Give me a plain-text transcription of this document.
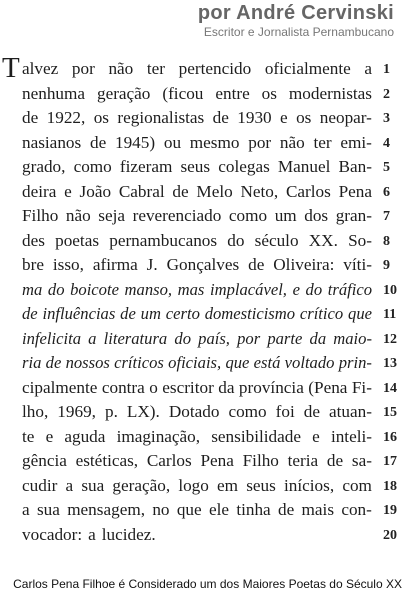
por André Cervinski
Escritor e Jornalista Pernambucano
T alvez por não ter pertencido oficialmente a 1
nenhuma geração (ficou entre os modernistas 2
de 1922, os regionalistas de 1930 e os neopar- 3
nasianos de 1945) ou mesmo por não ter emi- 4
grado, como fizeram seus colegas Manuel Ban- 5
deira e João Cabral de Melo Neto, Carlos Pena 6
Filho não seja reverenciado como um dos gran- 7
des poetas pernambucanos do século XX. So- 8
bre isso, afirma J. Gonçalves de Oliveira: víti- 9
ma do boicote manso, mas implacável, e do tráfico 10
de influências de um certo domesticismo crítico que 11
infelicita a literatura do país, por parte da maio- 12
ria de nossos críticos oficiais, que está voltado prin- 13
cipalmente contra o escritor da província (Pena Fi- 14
lho, 1969, p. LX). Dotado como foi de atuan- 15
te e aguda imaginação, sensibilidade e inteli- 16
gência estéticas, Carlos Pena Filho teria de sa- 17
cudir a sua geração, logo em seus inícios, com 18
a sua mensagem, no que ele tinha de mais con- 19
vocador: a lucidez.	20
Carlos Pena Filhoe é Considerado um dos Maiores Poetas do Século XX
